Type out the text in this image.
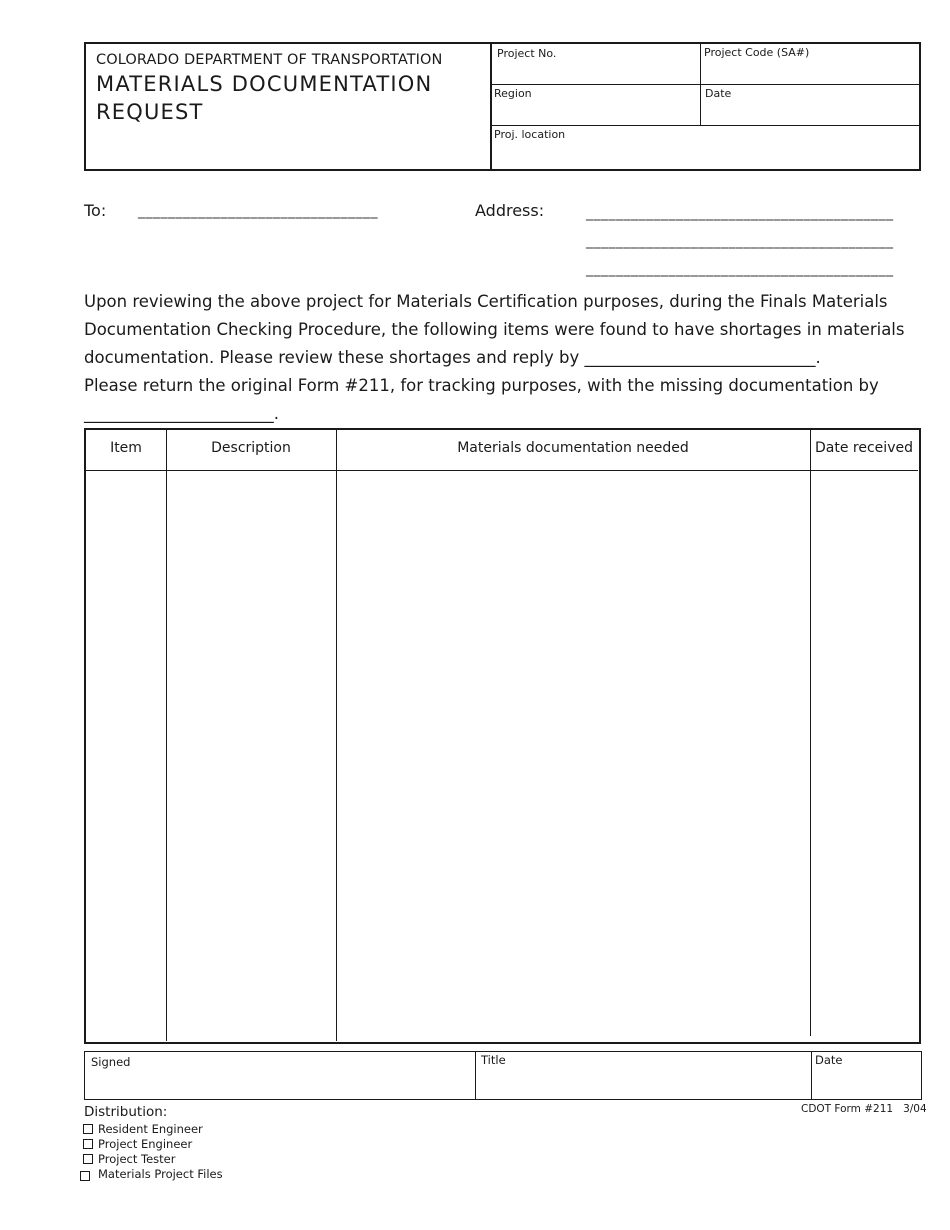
COLORADO DEPARTMENT OF TRANSPORTATION
MATERIALS DOCUMENTATION
REQUEST
Project No.	Project Code (SA#)
Region	Date
Proj. location
To: ________________________________	Address:	_________________________________________
_________________________________________
_________________________________________
Upon reviewing the above project for Materials Certification purposes, during the Finals Materials
Documentation Checking Procedure, the following items were found to have shortages in materials
documentation. Please review these shortages and reply by ____________________________.
Please return the original Form #211, for tracking purposes, with the missing documentation by
_______________________.
Item	Description	Materials documentation needed	Date received
Signed	Title	Date
CDOT Form #211 3/04
Distribution:
Resident Engineer
Project Engineer
Project Tester
Materials Project Files
